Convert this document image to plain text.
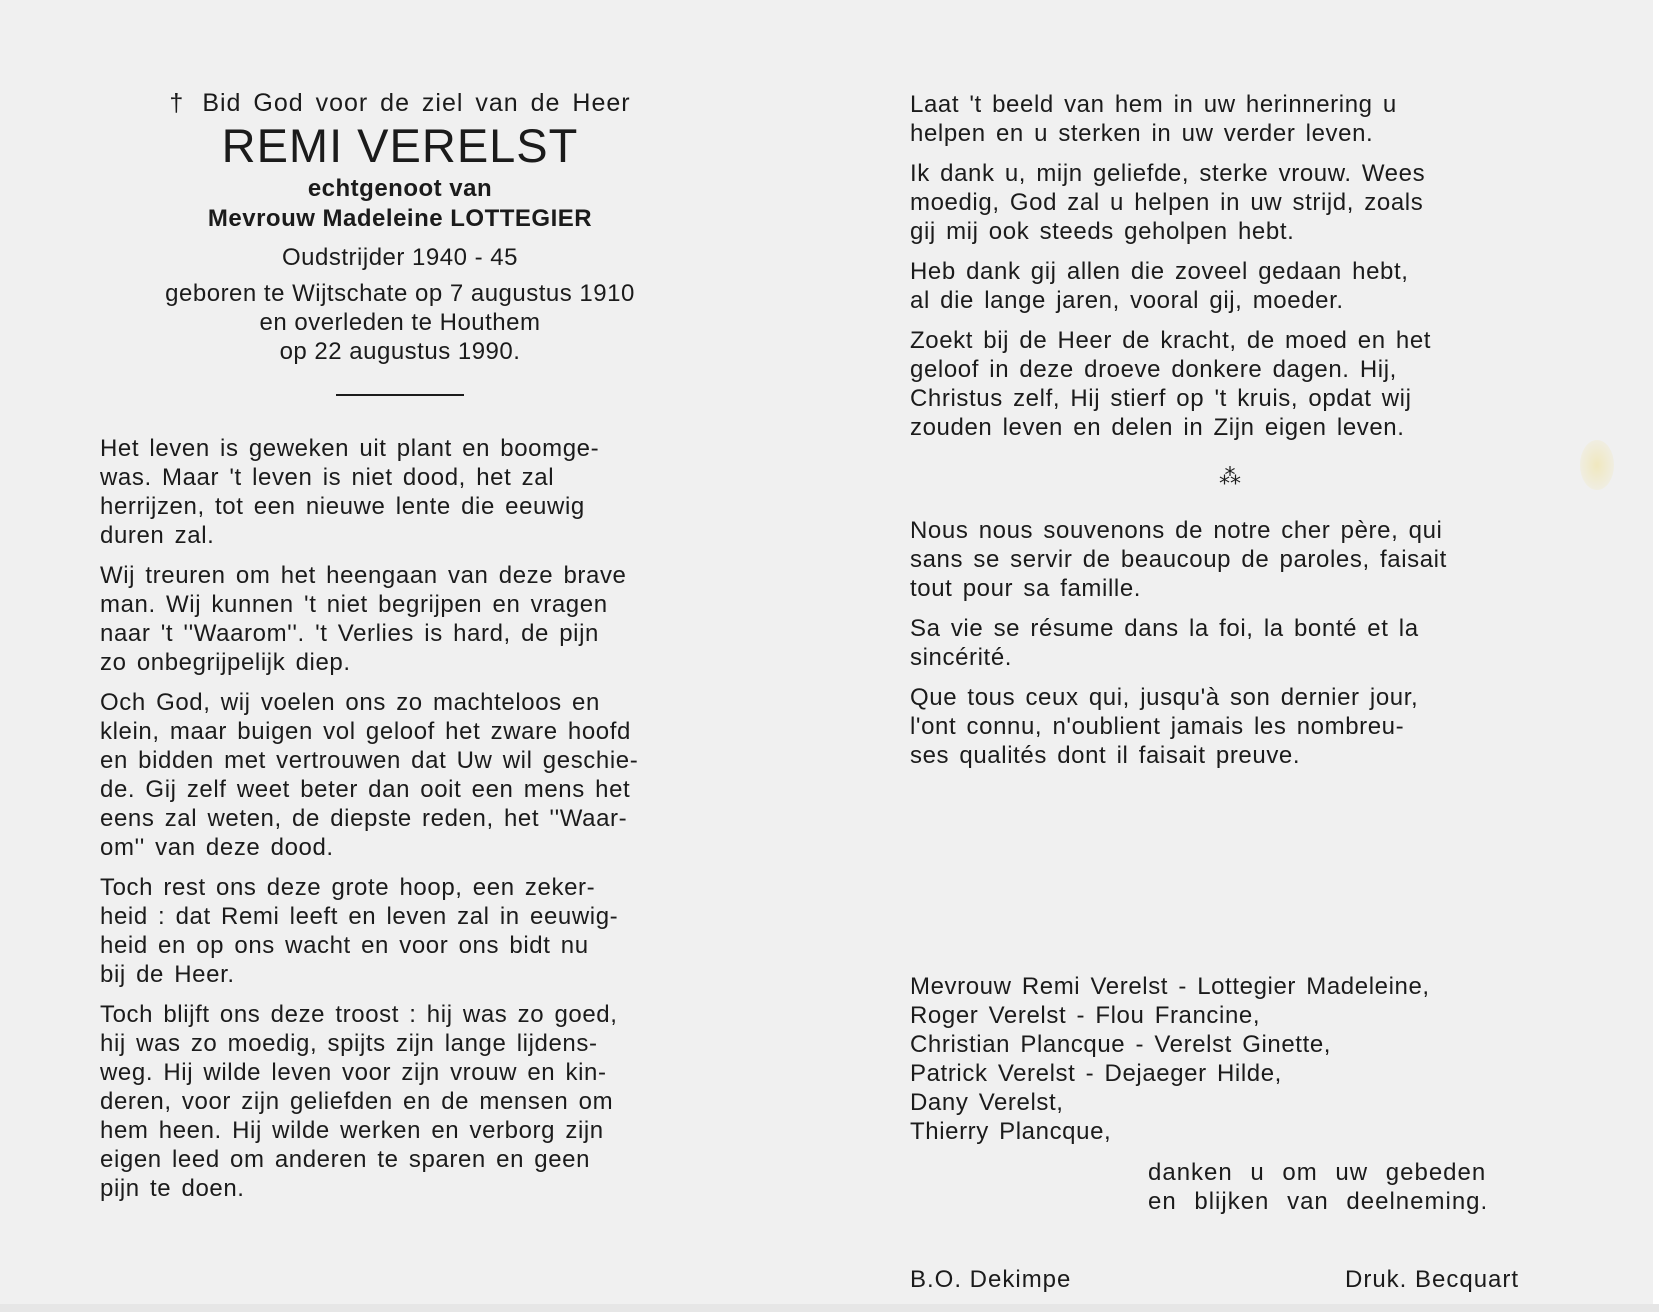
† Bid God voor de ziel van de Heer
REMI VERELST
echtgenoot van
Mevrouw Madeleine LOTTEGIER
Oudstrijder 1940 - 45
geboren te Wijtschate op 7 augustus 1910
en overleden te Houthem
op 22 augustus 1990.

Het leven is geweken uit plant en boomge-
was. Maar 't leven is niet dood, het zal
herrijzen, tot een nieuwe lente die eeuwig
duren zal.

Wij treuren om het heengaan van deze brave
man. Wij kunnen 't niet begrijpen en vragen
naar 't ''Waarom''. 't Verlies is hard, de pijn
zo onbegrijpelijk diep.

Och God, wij voelen ons zo machteloos en
klein, maar buigen vol geloof het zware hoofd
en bidden met vertrouwen dat Uw wil geschie-
de. Gij zelf weet beter dan ooit een mens het
eens zal weten, de diepste reden, het ''Waar-
om'' van deze dood.

Toch rest ons deze grote hoop, een zeker-
heid : dat Remi leeft en leven zal in eeuwig-
heid en op ons wacht en voor ons bidt nu
bij de Heer.

Toch blijft ons deze troost : hij was zo goed,
hij was zo moedig, spijts zijn lange lijdens-
weg. Hij wilde leven voor zijn vrouw en kin-
deren, voor zijn geliefden en de mensen om
hem heen. Hij wilde werken en verborg zijn
eigen leed om anderen te sparen en geen
pijn te doen.

Laat 't beeld van hem in uw herinnering u
helpen en u sterken in uw verder leven.

Ik dank u, mijn geliefde, sterke vrouw. Wees
moedig, God zal u helpen in uw strijd, zoals
gij mij ook steeds geholpen hebt.

Heb dank gij allen die zoveel gedaan hebt,
al die lange jaren, vooral gij, moeder.

Zoekt bij de Heer de kracht, de moed en het
geloof in deze droeve donkere dagen. Hij,
Christus zelf, Hij stierf op 't kruis, opdat wij
zouden leven en delen in Zijn eigen leven.

⁂

Nous nous souvenons de notre cher père, qui
sans se servir de beaucoup de paroles, faisait
tout pour sa famille.

Sa vie se résume dans la foi, la bonté et la
sincérité.

Que tous ceux qui, jusqu'à son dernier jour,
l'ont connu, n'oublient jamais les nombreu-
ses qualités dont il faisait preuve.

Mevrouw Remi Verelst - Lottegier Madeleine,
Roger Verelst - Flou Francine,
Christian Plancque - Verelst Ginette,
Patrick Verelst - Dejaeger Hilde,
Dany Verelst,
Thierry Plancque,
danken u om uw gebeden
en blijken van deelneming.
B.O. Dekimpe	Druk. Becquart
